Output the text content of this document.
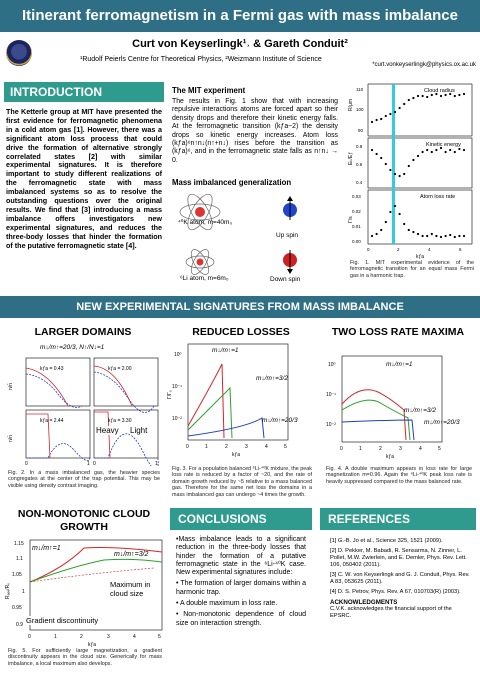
Itinerant ferromagnetism in a Fermi gas with mass imbalance
Curt von Keyserlingk¹˒ & Gareth Conduit²
¹Rudolf Peierls Centre for Theoretical Physics, ²Weizmann Institute of Science
*curt.vonkeyserlingk@physics.ox.ac.uk
INTRODUCTION
The Ketterle group at MIT have presented the first evidence for ferromagnetic phenomena in a cold atom gas [1]. However, there was a significant atom loss process that could drive the formation of alternative strongly correlated states [2] with similar experimental signatures. It is therefore important to study different realizations of the ferromagnetic state with mass imbalanced systems so as to resolve the outstanding questions over the original results. We find that [3] introducing a mass imbalance offers investigators new experimental signatures, and reduces the three-body losses that hinder the formation of the putative ferromagnetic state [4].
The MIT experiment
The results in Fig. 1 show that with increasing repulsive interactions atoms are forced apart so their density drops and therefore their kinetic energy falls. At the ferromagnetic transition (kƒa~2) the density drops so kinetic energy increases. Atom loss (kƒa)⁶n↑n↓(n↑+n↓) rises before the transition as (kƒa)⁶, and in the ferromagnetic state falls as n↑n↓ → 0.
Mass imbalanced generalization
⁴⁰K atom, m=40m₀
⁶Li atom, m=6m₀
Up spin
Down spin
Cloud radius
Kinetic energy
Atom loss rate
R/μm
Eₖ/Eƒ
Γ/s
110
100
90
0.8
0.6
0.4
0.03
0.02
0.01
0.00
0	2	4	6
kƒa
Fig. 1. MIT experimental evidence of the ferromagnetic transition for an equal mass Fermi gas in a harmonic trap.
NEW EXPERIMENTAL SIGNATURES FROM MASS IMBALANCE
LARGER DOMAINS
m↓/m↑=20/3, N↑/N↓=1
kƒa = 0.43	kƒa = 2.00
kƒa = 2.44	kƒa = 3.30
n/n̄
n/n̄
0	1 0	1
Heavy Light
Fig. 2. In a mass imbalanced gas, the heavier species congregates at the center of the trap potential. This may be visible using density contrast imaging.
REDUCED LOSSES
10⁰
10⁻¹
10⁻²
Γ/Γ₀
0	1	2	3	4	5
kƒa
m↓/m↑=1
m↓/m↑=3/2
m↓/m↑=20/3
Fig. 3. For a population balanced ⁶Li-⁴⁰K mixture, the peak loss rate is reduced by a factor of ~20, and the rate of domain growth reduced by ~5 relative to a mass balanced gas. Therefore for the same net loss the domains in a mass imbalanced gas can undergo ~4 times the growth.
TWO LOSS RATE MAXIMA
10⁰
10⁻¹
10⁻²
0	1	2	3	4	5
kƒa
m↓/m↑=1
m↓/m↑=3/2
m↓/m↑=20/3
Fig. 4. A double maximum appears in loss rate for large magnetization m=0.96. Again the ⁶Li-⁴⁰K peak loss rate is heavily suppressed compared to the mass balanced rate.
NON-MONOTONIC CLOUD GROWTH
1.15
1.1
1.05
1
0.95
0.9
Rₐₑₑ/R₀
0	1	2	3	4	5
kƒa
m↓/m↑=1
m↓/m↑=3/2
Maximum in cloud size
Gradient discontinuity
Fig. 5. For sufficiently large magnetization, a gradient discontinuity appears in the cloud size. Generically for mass imbalance, a local maximum also develops.
CONCLUSIONS
•Mass imbalance leads to a significant reduction in the three-body losses that hinder the formation of a putative ferromagnetic state in the ⁶Li-⁴⁰K case. New experimental signatures include:
• The formation of larger domains within a harmonic trap.
• A double maximum in loss rate.
• Non-monotonic dependence of cloud size on interaction strength.
REFERENCES

[1] G.-B. Jo et al., Science 325, 1521 (2009).

[2] D. Pekker, M. Babadi, R. Sensarma, N. Zinner, L. Pollet, M.W. Zwierlein, and E. Demler, Phys. Rev. Lett. 106, 050402 (2011).

[3] C. W. von Keyserlingk and G. J. Conduit, Phys. Rev. A 83, 053625 (2011).

[4] D. S. Petrov, Phys. Rev. A 67, 010703(R) (2003).

ACKNOWLEDGMENTS

C.V.K. acknowledges the financial support of the EPSRC.
